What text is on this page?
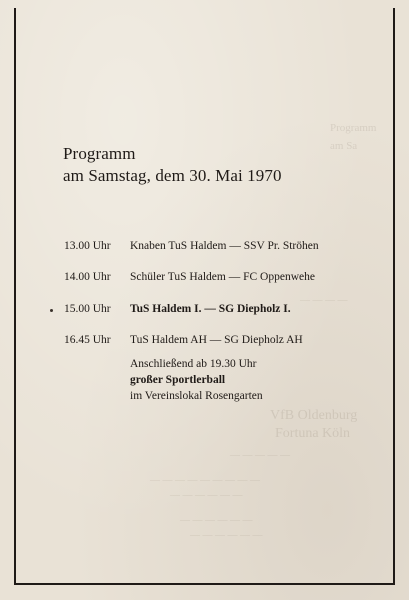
Programm
am Sa
— — — —
VfB Oldenburg
Fortuna Köln
— — — — —
— — — — — — — — —
— — — — — —
— — — — — —
— — — — — —
Programm
am Samstag, dem 30. Mai 1970
13.00 Uhr Knaben TuS Haldem — SSV Pr. Ströhen
14.00 Uhr Schüler TuS Haldem — FC Oppenwehe
15.00 Uhr TuS Haldem I. — SG Diepholz I.
16.45 Uhr TuS Haldem AH — SG Diepholz AH
Anschließend ab 19.30 Uhr
großer Sportlerball
im Vereinslokal Rosengarten
